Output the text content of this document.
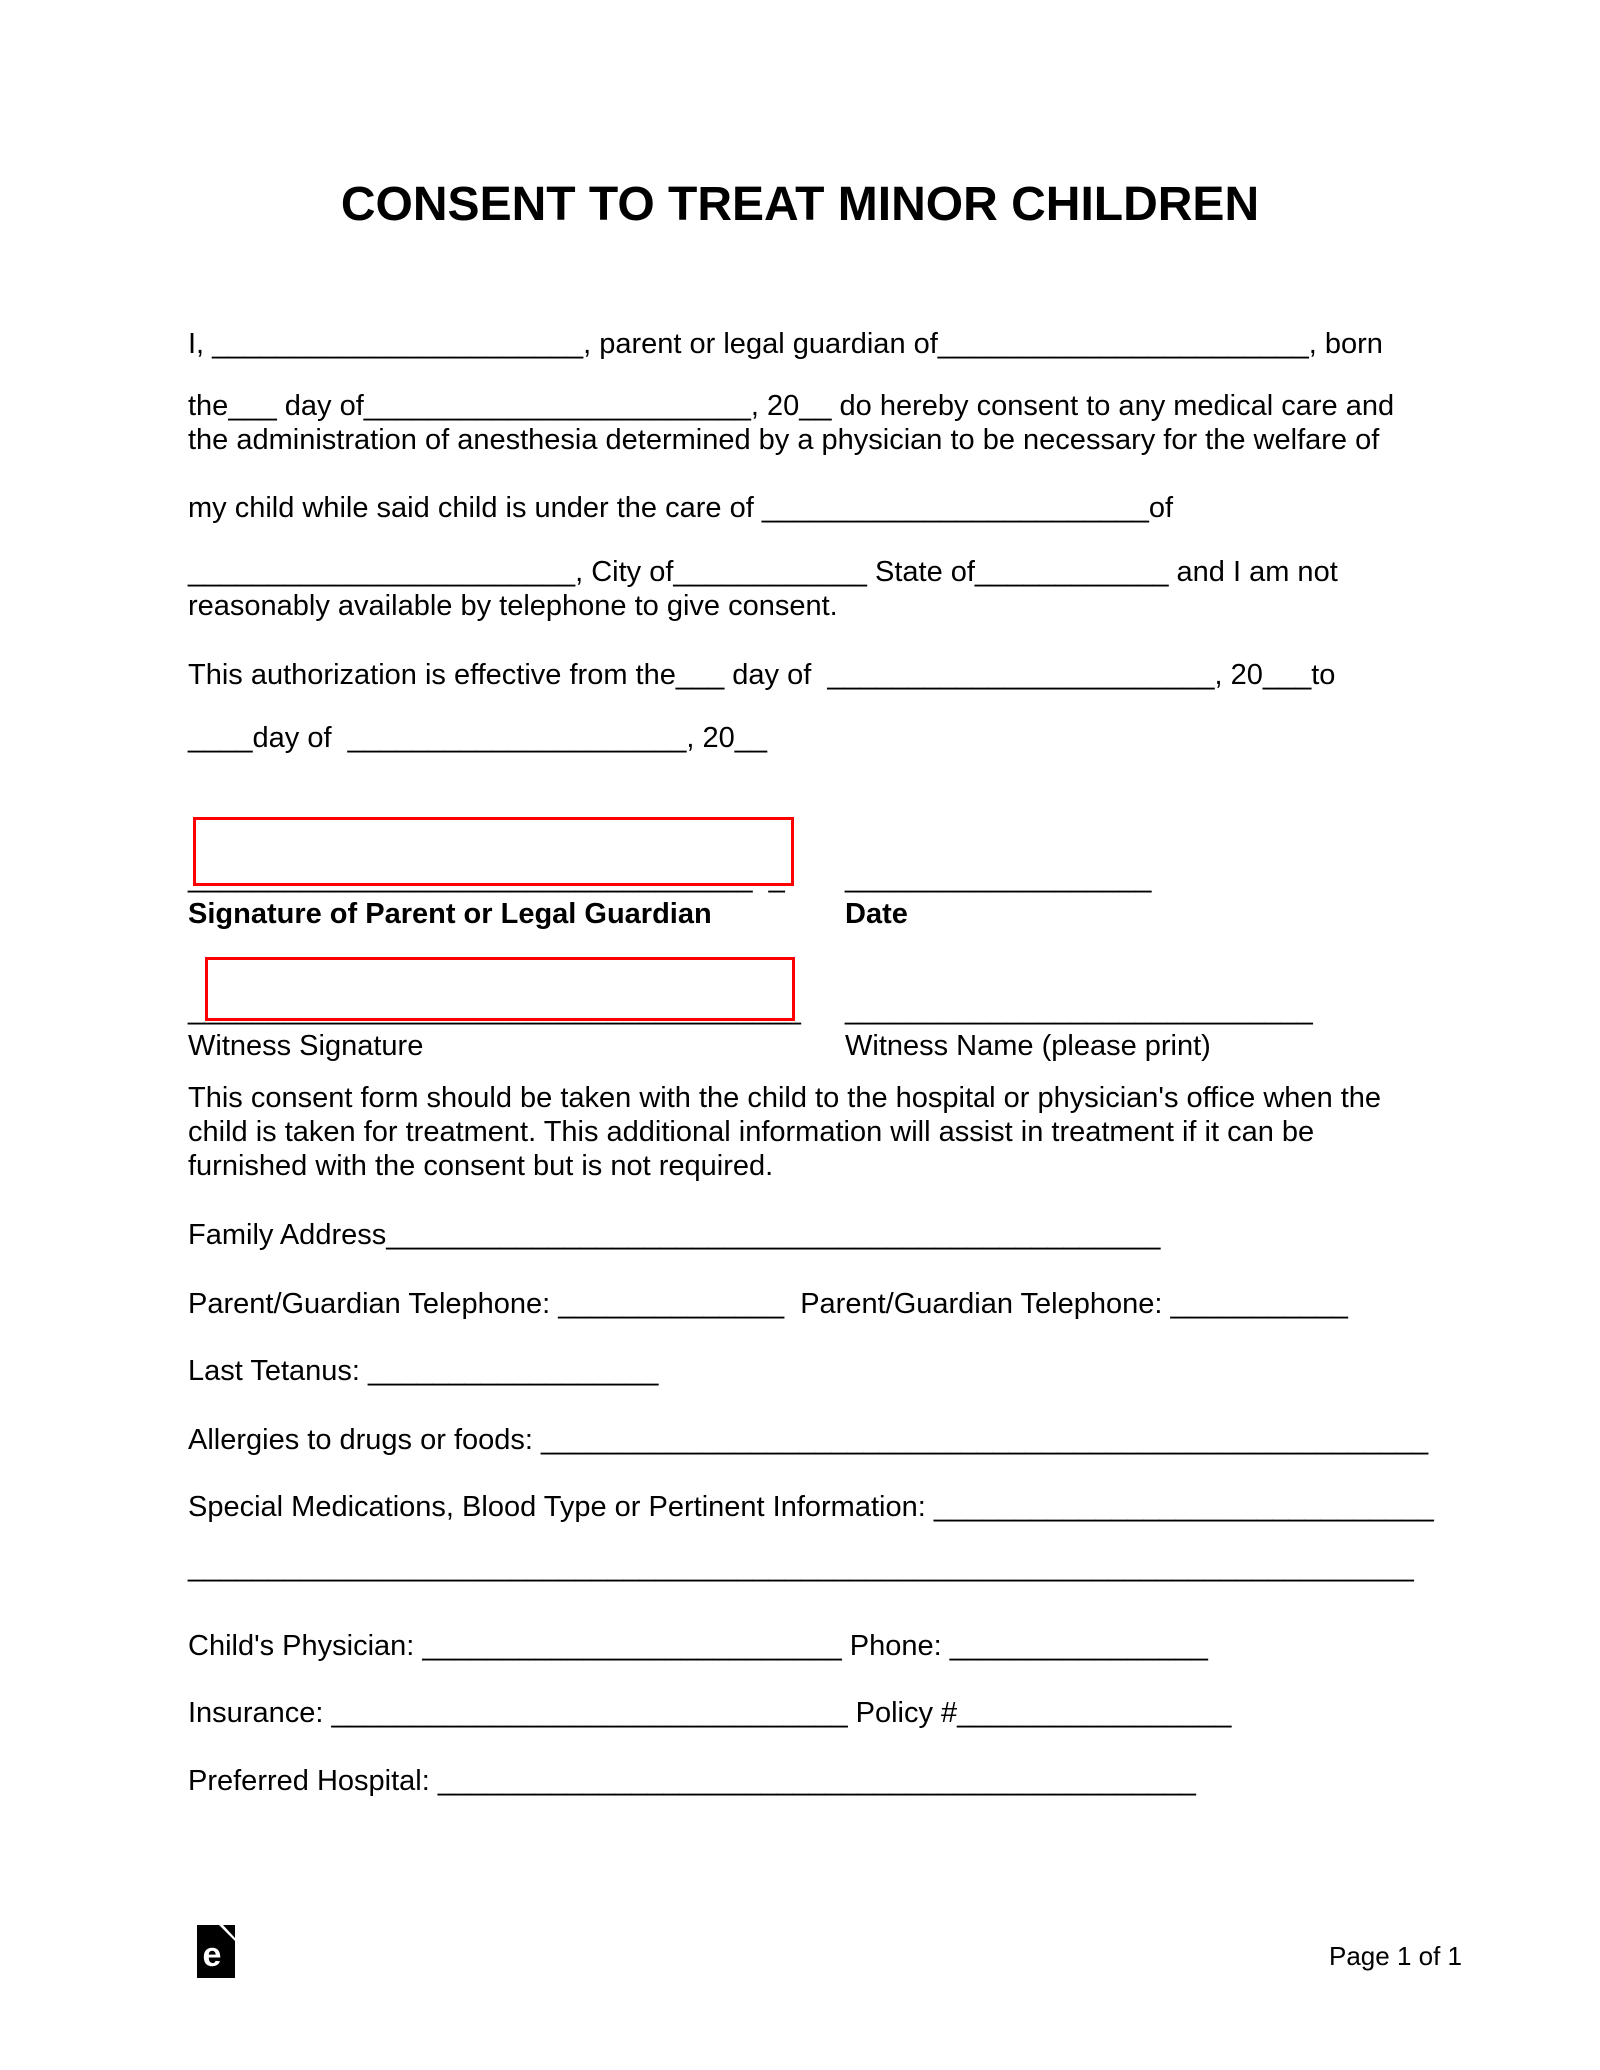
CONSENT TO TREAT MINOR CHILDREN
I, _______________________, parent or legal guardian of_______________________, born
the___ day of________________________, 20__ do hereby consent to any medical care and
the administration of anesthesia determined by a physician to be necessary for the welfare of
my child while said child is under the care of ________________________of
________________________, City of____________ State of____________ and I am not
reasonably available by telephone to give consent.
This authorization is effective from the___ day of  ________________________, 20___to
____day of  _____________________, 20__
___________________________________  _ ___________________
Signature of Parent or Legal Guardian	Date
______________________________________ _____________________________
Witness Signature	Witness Name (please print)
This consent form should be taken with the child to the hospital or physician's office when the
child is taken for treatment. This additional information will assist in treatment if it can be
furnished with the consent but is not required.
Family Address________________________________________________
Parent/Guardian Telephone: ______________  Parent/Guardian Telephone: ___________
Last Tetanus: __________________
Allergies to drugs or foods: _______________________________________________________
Special Medications, Blood Type or Pertinent Information: _______________________________
____________________________________________________________________________
Child's Physician: __________________________ Phone: ________________
Insurance: ________________________________ Policy #_________________
Preferred Hospital: _______________________________________________
e	Page 1 of 1
